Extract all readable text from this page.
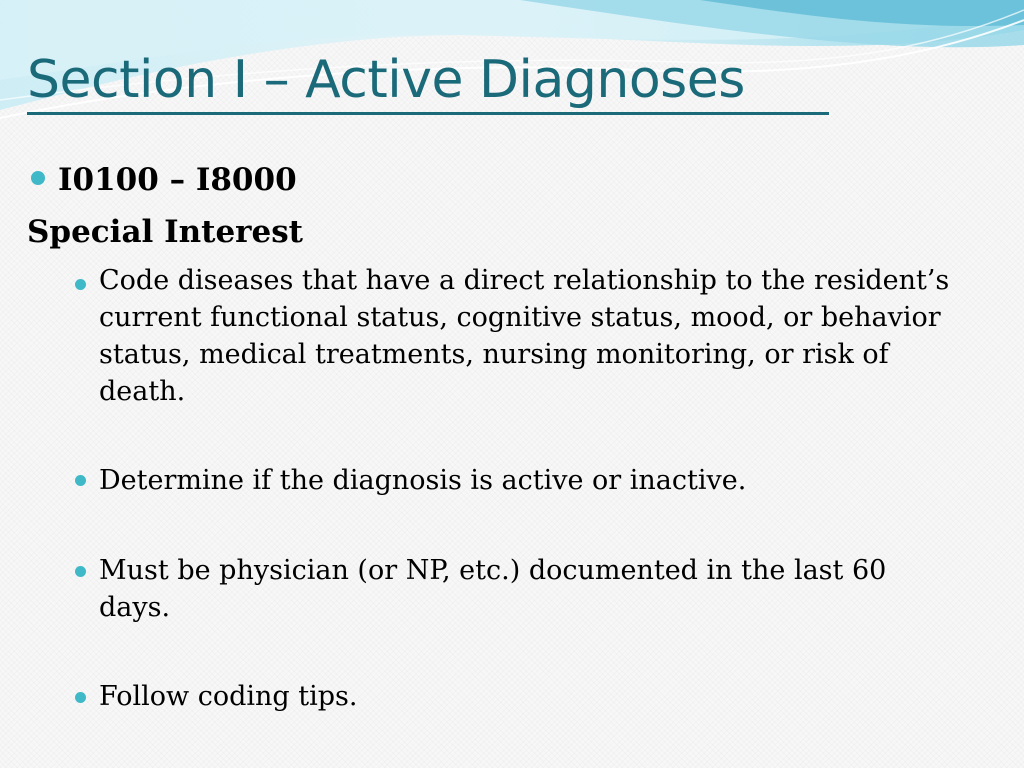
Section I – Active Diagnoses
I0100 – I8000
Special Interest
Code diseases that have a direct relationship to the resident’s
current functional status, cognitive status, mood, or behavior
status, medical treatments, nursing monitoring, or risk of
death.
Determine if the diagnosis is active or inactive.
Must be physician (or NP, etc.) documented in the last 60
days.
Follow coding tips.
